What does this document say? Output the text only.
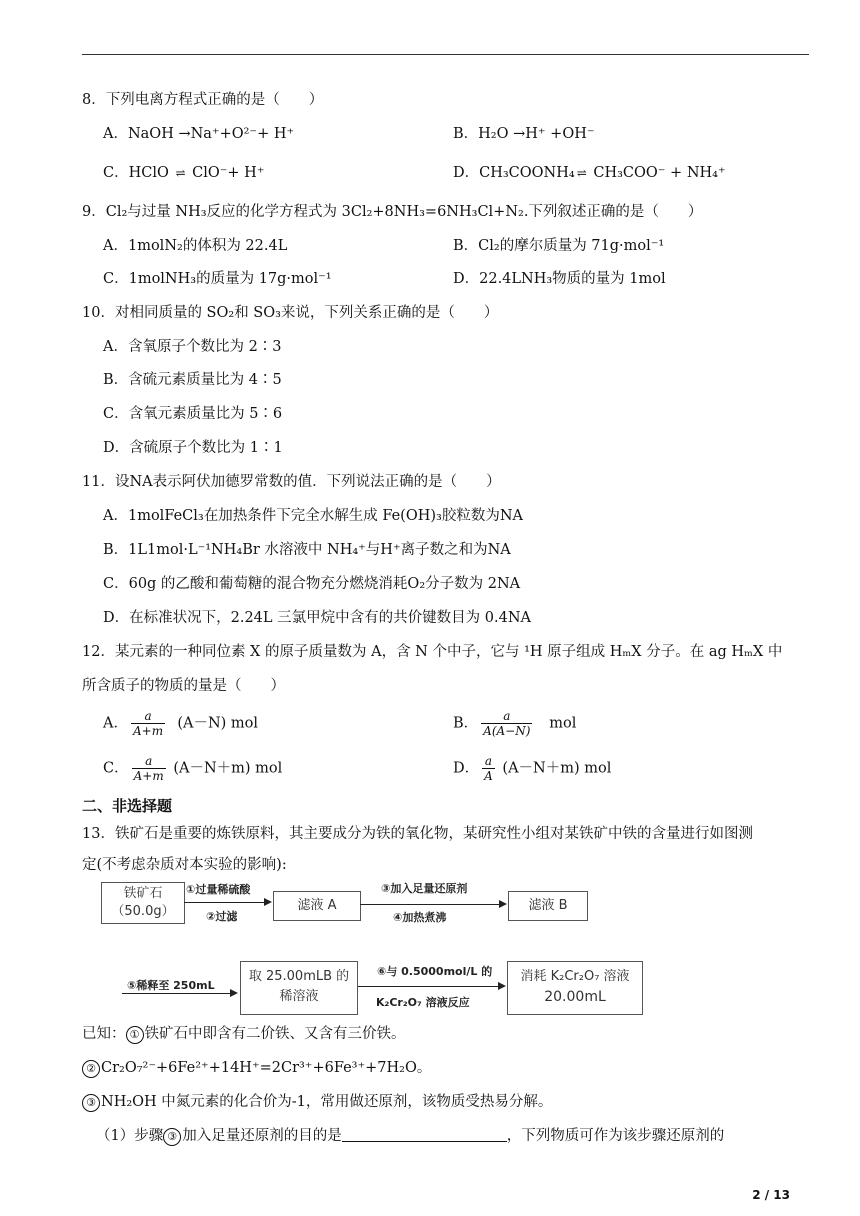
8．下列电离方程式正确的是（　　）
A．NaOH →Na⁺+O²⁻+ H⁺	B．H₂O →H⁺ +OH⁻
C．HClO ⇌ ClO⁻+ H⁺	D．CH₃COONH₄ ⇌ CH₃COO⁻ + NH₄⁺
9．Cl₂与过量 NH₃反应的化学方程式为 3Cl₂+8NH₃=6NH₃Cl+N₂.下列叙述正确的是（　　）
A．1molN₂的体积为 22.4L	B．Cl₂的摩尔质量为 71g·mol⁻¹
C．1molNH₃的质量为 17g·mol⁻¹	D．22.4LNH₃物质的量为 1mol
10．对相同质量的 SO₂和 SO₃来说，下列关系正确的是（　　）
A．含氧原子个数比为 2∶3
B．含硫元素质量比为 4∶5
C．含氧元素质量比为 5∶6
D．含硫原子个数比为 1∶1
11．设NA表示阿伏加德罗常数的值．下列说法正确的是（　　）
A．1molFeCl₃在加热条件下完全水解生成 Fe(OH)₃胶粒数为NA
B．1L1mol·L⁻¹NH₄Br 水溶液中 NH₄⁺与H⁺离子数之和为NA
C．60g 的乙酸和葡萄糖的混合物充分燃烧消耗O₂分子数为 2NA
D．在标准状况下，2.24L 三氯甲烷中含有的共价键数目为 0.4NA
12．某元素的一种同位素 X 的原子质量数为 A，含 N 个中子，它与 ¹H 原子组成 HₘX 分子。在 ag HₘX 中
所含质子的物质的量是（　　）
A． $\frac{a}{A+m} (A-N)$ mol	B． $\frac{a}{A(A-N)}$ mol
C． $\frac{a}{A+m} (A-N+m)$ mol	D． $\frac{a}{A} (A-N+m)$ mol
二、非选择题
13．铁矿石是重要的炼铁原料，其主要成分为铁的氧化物，某研究性小组对某铁矿中铁的含量进行如图测
定(不考虑杂质对本实验的影响):
铁矿石
（50.0g）
①过量稀硫酸
②过滤
滤液 A
③加入足量还原剂
④加热煮沸
滤液 B
⑤稀释至 250mL
取 25.00mLB 的
稀溶液
⑥与 0.5000mol/L 的
K₂Cr₂O₇ 溶液反应
消耗 K₂Cr₂O₇ 溶液
20.00mL
已知： ① 铁矿石中即含有二价铁、又含有三价铁。
② Cr₂O₇²⁻+6Fe²⁺+14H⁺=2Cr³⁺+6Fe³⁺+7H₂O。
③ NH₂OH 中氮元素的化合价为-1，常用做还原剂，该物质受热易分解。
（1）步骤 ③ 加入足量还原剂的目的是	，下列物质可作为该步骤还原剂的
2 / 13
